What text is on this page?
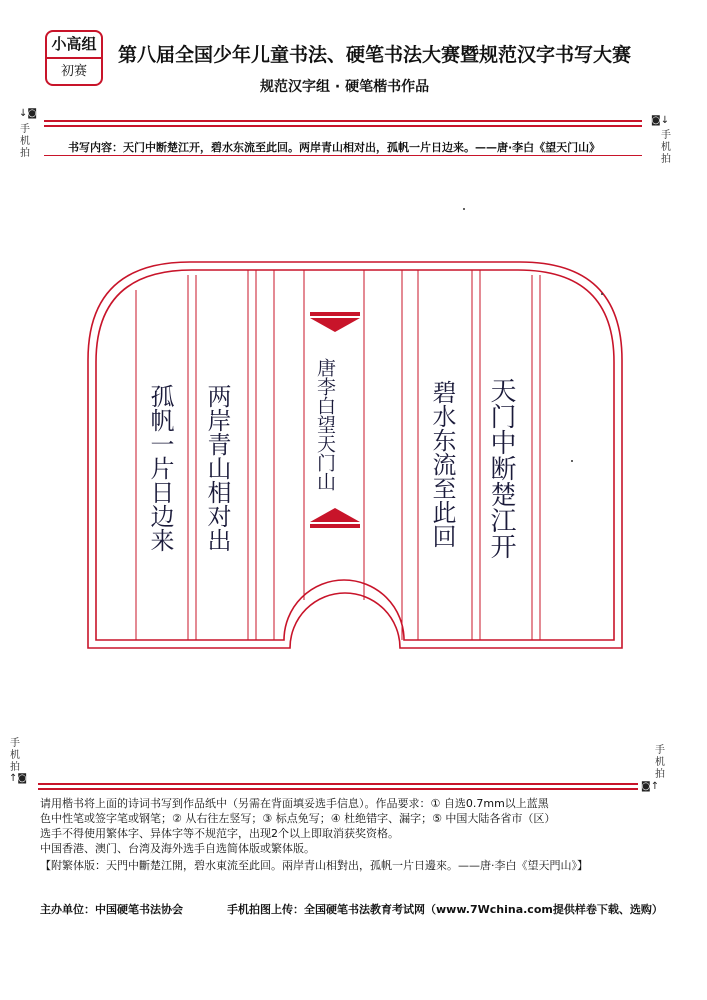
小高组
初赛
第八届全国少年儿童书法、硬笔书法大赛暨规范汉字书写大赛
规范汉字组 · 硬笔楷书作品
↓◙
手机拍
◙↓
手机拍
书写内容：天门中断楚江开，碧水东流至此回。两岸青山相对出，孤帆一片日边来。——唐·李白《望天门山》
天门中断楚江开
碧水东流至此回
唐李白望天门山
两岸青山相对出
孤帆一片日边来
手机拍
↑◙
手机拍
◙↑
请用楷书将上面的诗词书写到作品纸中（另需在背面填妥选手信息）。作品要求：① 自选0.7mm以上蓝黑
色中性笔或签字笔或钢笔；② 从右往左竖写；③ 标点免写；④ 杜绝错字、漏字；⑤ 中国大陆各省市（区）
选手不得使用繁体字、异体字等不规范字，出现2个以上即取消获奖资格。
中国香港、澳门、台湾及海外选手自选简体版或繁体版。
【附繁体版：天門中斷楚江開，碧水東流至此回。兩岸青山相對出，孤帆一片日邊來。——唐·李白《望天門山》】
主办单位：中国硬笔书法协会	手机拍图上传：全国硬笔书法教育考试网（www.7Wchina.com提供样卷下载、选购）
